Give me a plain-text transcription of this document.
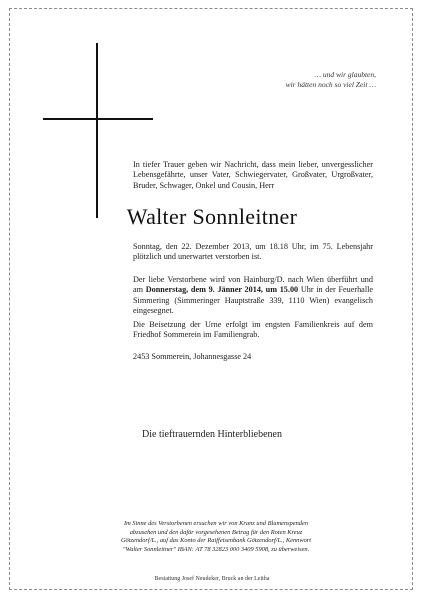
… und wir glaubten,
wir hätten noch so viel Zeit …
In tiefer Trauer geben wir Nachricht, dass mein lieber, unvergesslicher Lebensgefährte, unser Vater, Schwiegervater, Großvater, Urgroßvater, Bruder, Schwager, Onkel und Cousin, Herr
Walter Sonnleitner
Sonntag, den 22. Dezember 2013, um 18.18 Uhr, im 75. Lebensjahr plötzlich und unerwartet verstorben ist.
Der liebe Verstorbene wird von Hainburg/D. nach Wien überführt und am Donnerstag, dem 9. Jänner 2014, um 15.00 Uhr in der Feuerhalle Simmering (Simmeringer Hauptstraße 339, 1110 Wien) evangelisch eingesegnet.
Die Beisetzung der Urne erfolgt im engsten Familienkreis auf dem Friedhof Sommerein im Familiengrab.
2453 Sommerein, Johannesgasse 24
Die tieftrauernden Hinterbliebenen
Im Sinne des Verstorbenen ersuchen wir von Kranz und Blumenspenden
abzusehen und den dafür vorgesehenen Betrag für den Roten Kreuz
Götzendorf/L., auf das Konto der Raiffeisenbank Götzendorf/L., Kennwort
"Walter Sonnleitner" IBAN: AT 78 32823 000 3409 5908, zu überweisen.
Bestattung Josef Neudeker, Bruck an der Leitha
